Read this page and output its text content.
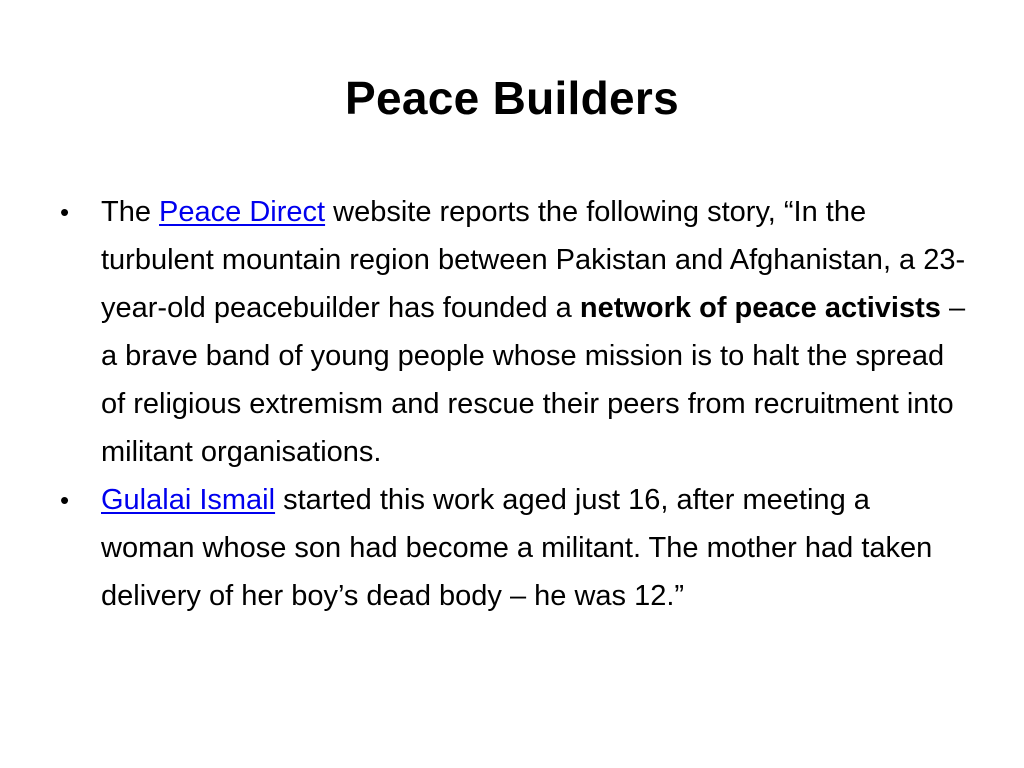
Peace Builders
•	The Peace Direct website reports the following story, “In the turbulent mountain region between Pakistan and Afghanistan, a 23-year-old peacebuilder has founded a network of peace activists – a brave band of young people whose mission is to halt the spread of religious extremism and rescue their peers from recruitment into militant organisations.
•	Gulalai Ismail started this work aged just 16, after meeting a woman whose son had become a militant. The mother had taken delivery of her boy’s dead body – he was 12.”
